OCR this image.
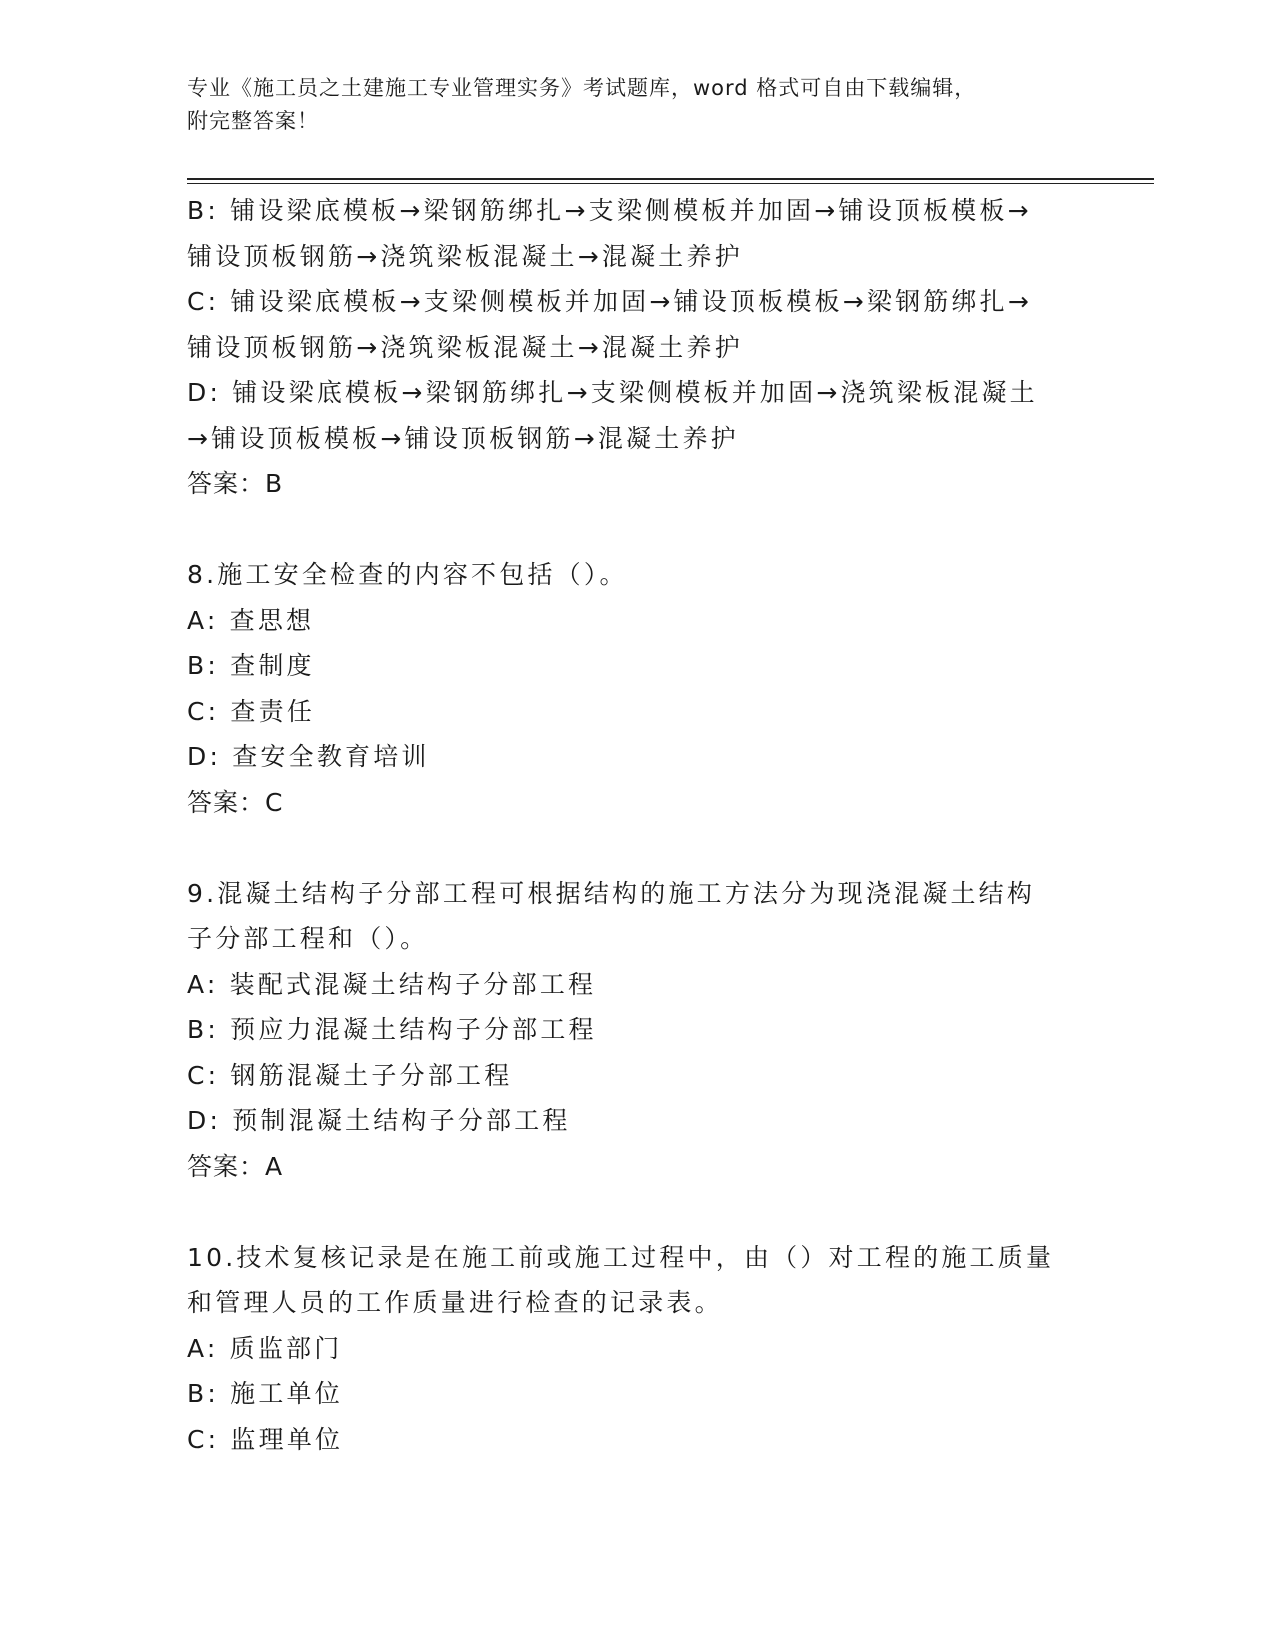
专业《施工员之土建施工专业管理实务》考试题库，word 格式可自由下载编辑，
附完整答案！
B: 铺设梁底模板→梁钢筋绑扎→支梁侧模板并加固→铺设顶板模板→
铺设顶板钢筋→浇筑梁板混凝土→混凝土养护
C: 铺设梁底模板→支梁侧模板并加固→铺设顶板模板→梁钢筋绑扎→
铺设顶板钢筋→浇筑梁板混凝土→混凝土养护
D: 铺设梁底模板→梁钢筋绑扎→支梁侧模板并加固→浇筑梁板混凝土
→铺设顶板模板→铺设顶板钢筋→混凝土养护
答案：B
8.施工安全检查的内容不包括（）。
A: 查思想
B: 查制度
C: 查责任
D: 查安全教育培训
答案：C
9.混凝土结构子分部工程可根据结构的施工方法分为现浇混凝土结构
子分部工程和（）。
A: 装配式混凝土结构子分部工程
B: 预应力混凝土结构子分部工程
C: 钢筋混凝土子分部工程
D: 预制混凝土结构子分部工程
答案：A
10.技术复核记录是在施工前或施工过程中，由（）对工程的施工质量
和管理人员的工作质量进行检查的记录表。
A: 质监部门
B: 施工单位
C: 监理单位
